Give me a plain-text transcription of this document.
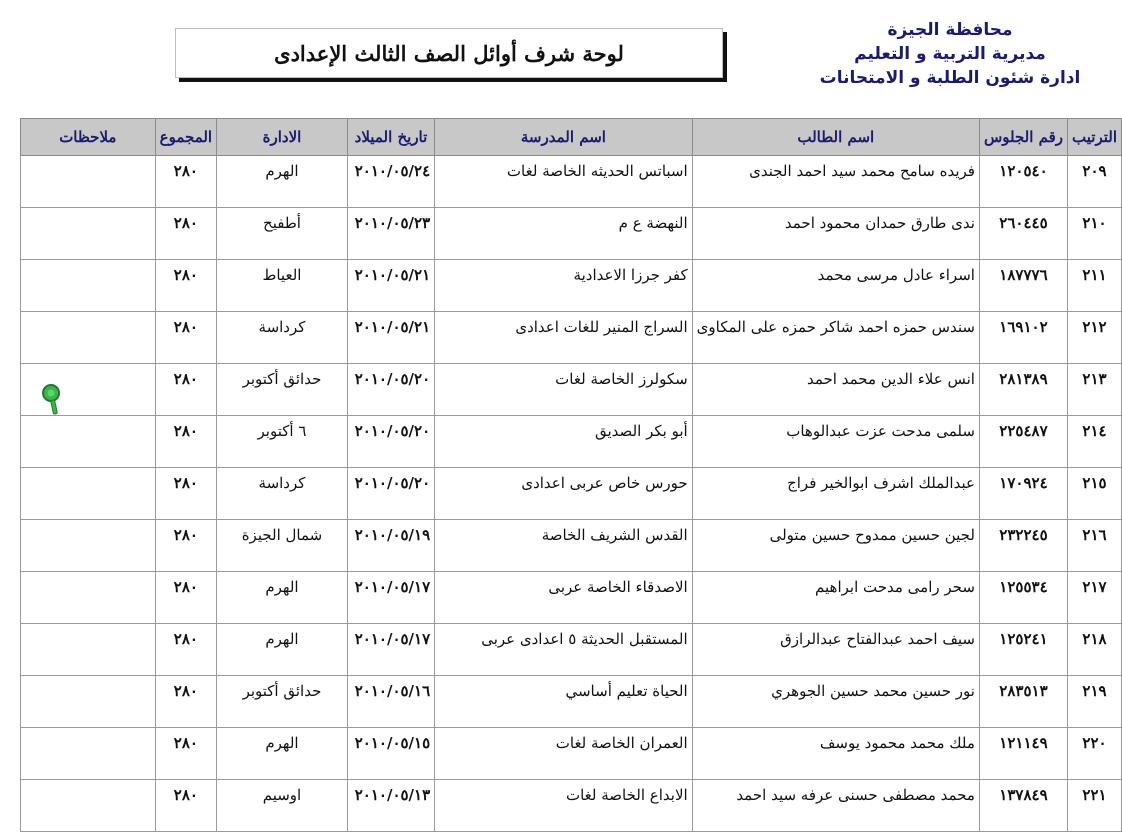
محافظة الجيزة
مديرية التربية و التعليم
ادارة شئون الطلبة و الامتحانات
لوحة شرف أوائل الصف الثالث الإعدادى
الترتيب	رقم الجلوس	اسم الطالب	اسم المدرسة	تاريخ الميلاد	الادارة	المجموع	ملاحظات
٢٠٩	١٢٠٥٤٠	فريده سامح محمد سيد احمد الجندى	اسباتس الحديثه الخاصة لغات	٢٠١٠/٠٥/٢٤	الهرم	٢٨٠	
٢١٠	٢٦٠٤٤٥	ندى طارق حمدان محمود احمد	النهضة ع م	٢٠١٠/٠٥/٢٣	أطفيح	٢٨٠	
٢١١	١٨٧٧٧٦	اسراء عادل مرسى محمد	كفر جرزا الاعدادية	٢٠١٠/٠٥/٢١	العياط	٢٨٠	
٢١٢	١٦٩١٠٢	سندس حمزه احمد شاكر حمزه على المكاوى	السراج المنير للغات اعدادى	٢٠١٠/٠٥/٢١	كرداسة	٢٨٠	
٢١٣	٢٨١٣٨٩	انس علاء الدين محمد احمد	سكولرز الخاصة لغات	٢٠١٠/٠٥/٢٠	حدائق أكتوبر	٢٨٠	
٢١٤	٢٢٥٤٨٧	سلمى مدحت عزت عبدالوهاب	أبو بكر الصديق	٢٠١٠/٠٥/٢٠	٦ أكتوبر	٢٨٠	
٢١٥	١٧٠٩٢٤	عبدالملك اشرف ابوالخير فراج	حورس خاص عربى اعدادى	٢٠١٠/٠٥/٢٠	كرداسة	٢٨٠	
٢١٦	٢٣٢٢٤٥	لجين حسين ممدوح حسين متولى	القدس الشريف الخاصة	٢٠١٠/٠٥/١٩	شمال الجيزة	٢٨٠	
٢١٧	١٢٥٥٣٤	سحر رامى مدحت ابراهيم	الاصدقاء الخاصة عربى	٢٠١٠/٠٥/١٧	الهرم	٢٨٠	
٢١٨	١٢٥٢٤١	سيف احمد عبدالفتاح عبدالرازق	المستقبل الحديثة ٥ اعدادى عربى	٢٠١٠/٠٥/١٧	الهرم	٢٨٠	
٢١٩	٢٨٣٥١٣	نور حسين محمد حسين الجوهري	الحياة تعليم أساسي	٢٠١٠/٠٥/١٦	حدائق أكتوبر	٢٨٠	
٢٢٠	١٢١١٤٩	ملك محمد محمود يوسف	العمران الخاصة لغات	٢٠١٠/٠٥/١٥	الهرم	٢٨٠	
٢٢١	١٣٧٨٤٩	محمد مصطفى حسنى عرفه سيد احمد	الابداع الخاصة لغات	٢٠١٠/٠٥/١٣	اوسيم	٢٨٠	
